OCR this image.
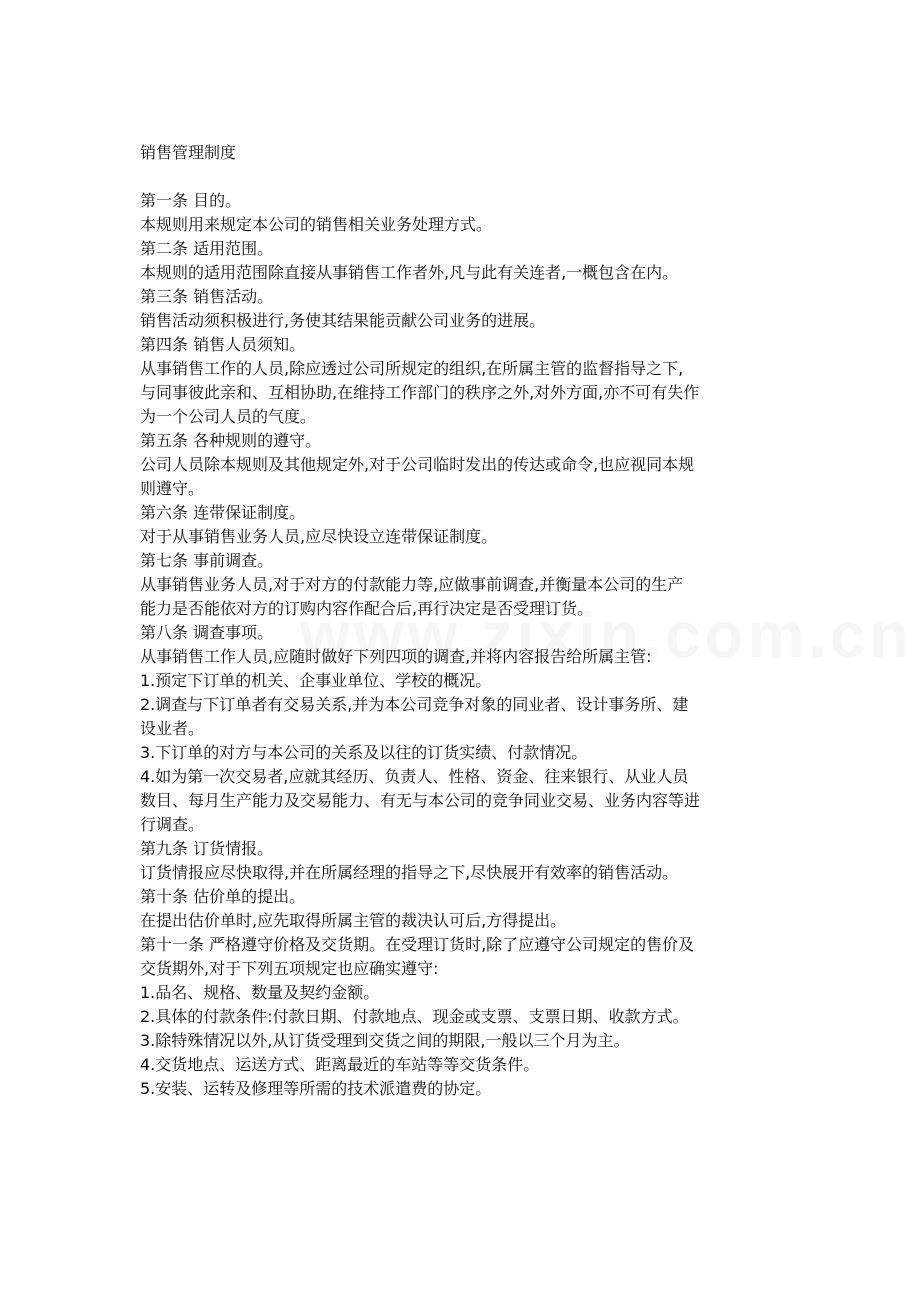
销售管理制度
第一条 目的。
本规则用来规定本公司的销售相关业务处理方式。
第二条 适用范围。
本规则的适用范围除直接从事销售工作者外,凡与此有关连者,一概包含在内。
第三条 销售活动。
销售活动须积极进行,务使其结果能贡献公司业务的进展。
第四条 销售人员须知。
从事销售工作的人员,除应透过公司所规定的组织,在所属主管的监督指导之下,
与同事彼此亲和、互相协助,在维持工作部门的秩序之外,对外方面,亦不可有失作
为一个公司人员的气度。
第五条 各种规则的遵守。
公司人员除本规则及其他规定外,对于公司临时发出的传达或命令,也应视同本规
则遵守。
第六条 连带保证制度。
对于从事销售业务人员,应尽快设立连带保证制度。
第七条 事前调查。
从事销售业务人员,对于对方的付款能力等,应做事前调查,并衡量本公司的生产
能力是否能依对方的订购内容作配合后,再行决定是否受理订货。
第八条 调查事项。
从事销售工作人员,应随时做好下列四项的调查,并将内容报告给所属主管:
1.预定下订单的机关、企事业单位、学校的概况。
2.调查与下订单者有交易关系,并为本公司竞争对象的同业者、设计事务所、建
设业者。
3.下订单的对方与本公司的关系及以往的订货实绩、付款情况。
4.如为第一次交易者,应就其经历、负责人、性格、资金、往来银行、从业人员
数目、每月生产能力及交易能力、有无与本公司的竞争同业交易、业务内容等进
行调查。
第九条 订货情报。
订货情报应尽快取得,并在所属经理的指导之下,尽快展开有效率的销售活动。
第十条 估价单的提出。
在提出估价单时,应先取得所属主管的裁决认可后,方得提出。
第十一条 严格遵守价格及交货期。在受理订货时,除了应遵守公司规定的售价及
交货期外,对于下列五项规定也应确实遵守:
1.品名、规格、数量及契约金额。
2.具体的付款条件:付款日期、付款地点、现金或支票、支票日期、收款方式。
3.除特殊情况以外,从订货受理到交货之间的期限,一般以三个月为主。
4.交货地点、运送方式、距离最近的车站等等交货条件。
5.安装、运转及修理等所需的技术派遣费的协定。
